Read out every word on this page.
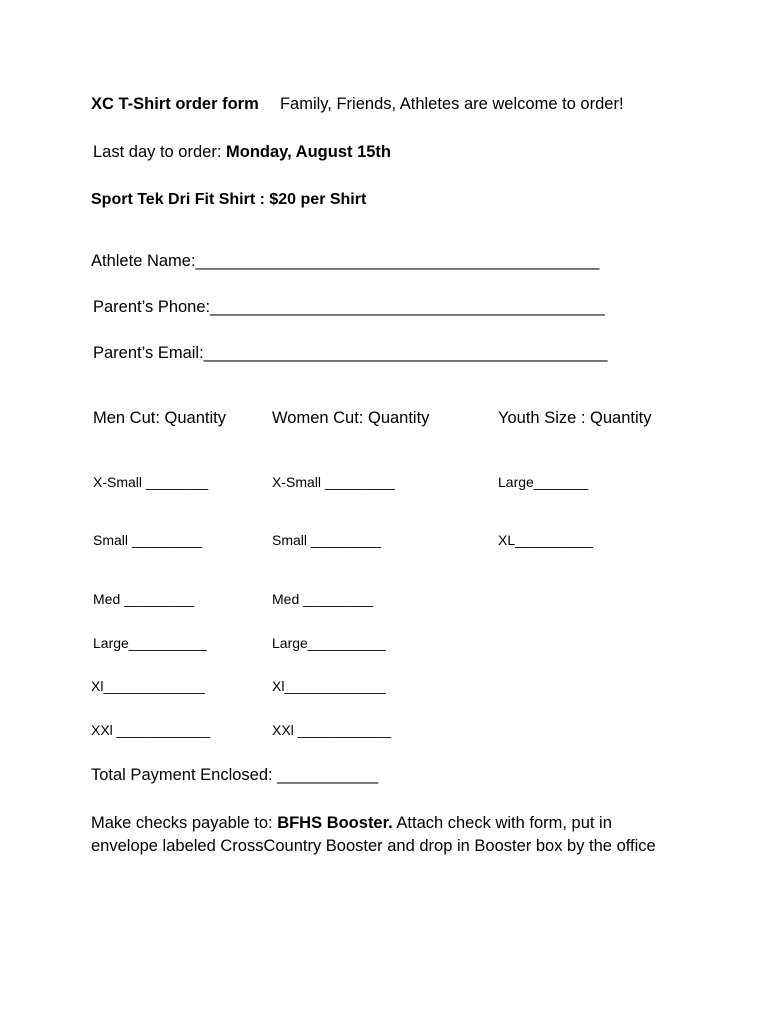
XC T-Shirt order form Family, Friends, Athletes are welcome to order!
Last day to order: Monday, August 15th
Sport Tek Dri Fit Shirt : $20 per Shirt
Athlete Name:____________________________________________
Parent’s Phone:___________________________________________
Parent’s Email:____________________________________________
Men Cut: Quantity	Women Cut: Quantity	Youth Size : Quantity
X-Small ________
Small _________
Med _________
Large__________
Xl_____________
XXl ____________
X-Small _________
Small _________
Med _________
Large__________
Xl_____________
XXl ____________
Large_______
XL__________
Total Payment Enclosed: ___________
Make checks payable to: BFHS Booster. Attach check with form, put in
envelope labeled CrossCountry Booster and drop in Booster box by the office
